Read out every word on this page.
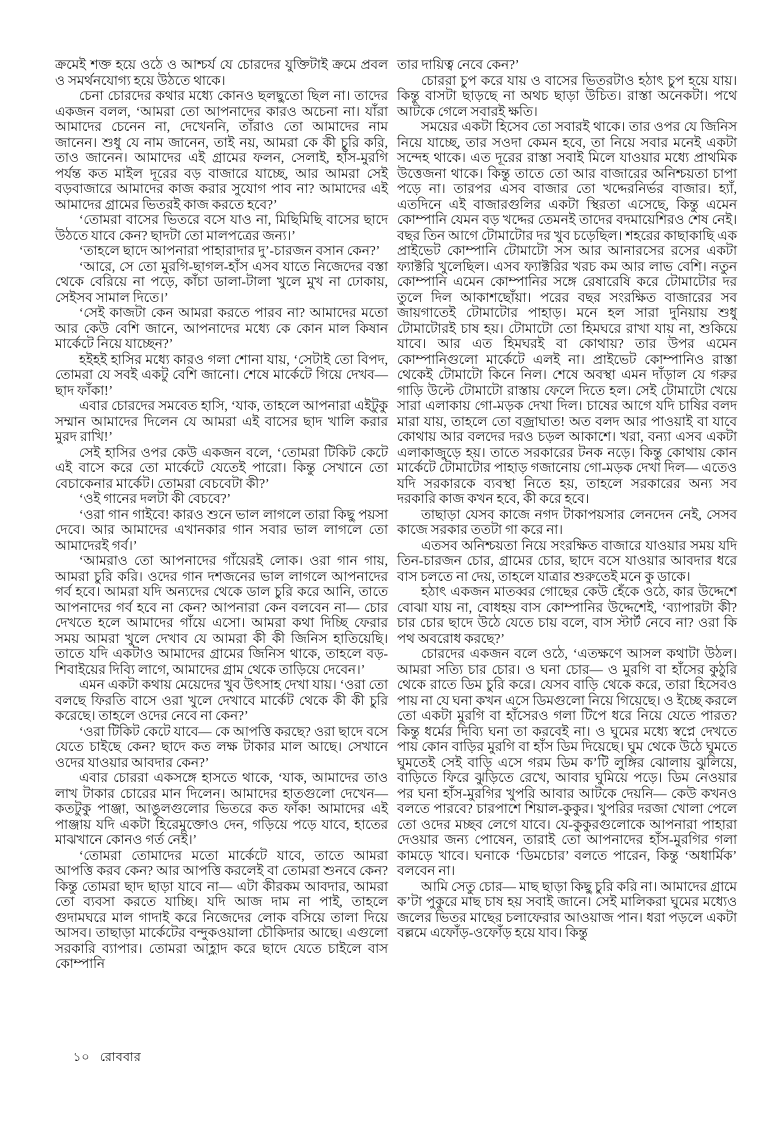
ক্রমেই শক্ত হয়ে ওঠে ও আশ্চর্য যে চোরদের যুক্তিটাই ক্রমে প্রবল ও সমর্থনযোগ্য হয়ে উঠতে থাকে।

চেনা চোরদের কথার মধ্যে কোনও ছলছুতো ছিল না। তাদের একজন বলল, ‘আমরা তো আপনাদের কারও অচেনা না। যাঁরা আমাদের চেনেন না, দেখেননি, তাঁরাও তো আমাদের নাম জানেন। শুধু যে নাম জানেন, তাই নয়, আমরা কে কী চুরি করি, তাও জানেন। আমাদের এই গ্রামের ফলন, সেলাই, হাঁস-মুরগি পর্যন্ত কত মাইল দূরের বড় বাজারে যাচ্ছে, আর আমরা সেই বড়বাজারে আমাদের কাজ করার সুযোগ পাব না? আমাদের এই আমাদের গ্রামের ভিতরই কাজ করতে হবে?’

‘তোমরা বাসের ভিতরে বসে যাও না, মিছিমিছি বাসের ছাদে উঠতে যাবে কেন? ছাদটা তো মালপত্রের জন্য।’

‘তাহলে ছাদে আপনারা পাহারাদার দু’-চারজন বসান কেন?’

‘আরে, সে তো মুরগি-ছাগল-হাঁস এসব যাতে নিজেদের বস্তা থেকে বেরিয়ে না পড়ে, কাঁচা ডালা-টালা খুলে মুখ না ঢোকায়, সেইসব সামাল দিতে।’

‘সেই কাজটা কেন আমরা করতে পারব না? আমাদের মতো আর কেউ বেশি জানে, আপনাদের মধ্যে কে কোন মাল কিষান মার্কেটে নিয়ে যাচ্ছেন?’

হইহই হাসির মধ্যে কারও গলা শোনা যায়, ‘সেটাই তো বিপদ, তোমরা যে সবই একটু বেশি জানো। শেষে মার্কেটে গিয়ে দেখব— ছাদ ফাঁকা!’

এবার চোরদের সমবেত হাসি, ‘যাক, তাহলে আপনারা এইটুকু সম্মান আমাদের দিলেন যে আমরা এই বাসের ছাদ খালি করার মুরদ রাখি!’

সেই হাসির ওপর কেউ একজন বলে, ‘তোমরা টিকিট কেটে এই বাসে করে তো মার্কেটে যেতেই পারো। কিন্তু সেখানে তো বেচাকেনার মার্কেট। তোমরা বেচবেটা কী?’

‘ওই গানের দলটা কী বেচবে?’

‘ওরা গান গাইবে! কারও শুনে ভাল লাগলে তারা কিছু পয়সা দেবে। আর আমাদের এখানকার গান সবার ভাল লাগলে তো আমাদেরই গর্ব।’

‘আমরাও তো আপনাদের গাঁয়েরই লোক। ওরা গান গায়, আমরা চুরি করি। ওদের গান দশজনের ভাল লাগলে আপনাদের গর্ব হবে। আমরা যদি অন্যদের থেকে ডাল চুরি করে আনি, তাতে আপনাদের গর্ব হবে না কেন? আপনারা কেন বলবেন না— চোর দেখতে হলে আমাদের গাঁয়ে এসো। আমরা কথা দিচ্ছি ফেরার সময় আমরা খুলে দেখাব যে আমরা কী কী জিনিস হাতিয়েছি। তাতে যদি একটাও আমাদের গ্রামের জিনিস থাকে, তাহলে বড়-শিবাইয়ের দিব্যি লাগে, আমাদের গ্রাম থেকে তাড়িয়ে দেবেন।’

এমন একটা কথায় মেয়েদের খুব উৎসাহ দেখা যায়। ‘ওরা তো বলছে ফিরতি বাসে ওরা খুলে দেখাবে মার্কেট থেকে কী কী চুরি করেছে। তাহলে ওদের নেবে না কেন?’

‘ওরা টিকিট কেটে যাবে— কে আপত্তি করছে? ওরা ছাদে বসে যেতে চাইছে কেন? ছাদে কত লক্ষ টাকার মাল আছে। সেখানে ওদের যাওয়ার আবদার কেন?’

এবার চোররা একসঙ্গে হাসতে থাকে, ‘যাক, আমাদের তাও লাখ টাকার চোরের মান দিলেন। আমাদের হাতগুলো দেখেন— কতটুকু পাঞ্জা, আঙুলগুলোর ভিতরে কত ফাঁক! আমাদের এই পাঞ্জায় যদি একটা হিরেমুক্তোও দেন, গড়িয়ে পড়ে যাবে, হাতের মাঝখানে কোনও গর্ত নেই।’

‘তোমরা তোমাদের মতো মার্কেটে যাবে, তাতে আমরা আপত্তি করব কেন? আর আপত্তি করলেই বা তোমরা শুনবে কেন? কিন্তু তোমরা ছাদ ছাড়া যাবে না— এটা কীরকম আবদার, আমরা তো ব্যবসা করতে যাচ্ছি। যদি আজ দাম না পাই, তাহলে গুদামঘরে মাল গাদাই করে নিজেদের লোক বসিয়ে তালা দিয়ে আসব। তাছাড়া মার্কেটের বন্দুকওয়ালা চৌকিদার আছে। এগুলো সরকারি ব্যাপার। তোমরা আহ্লাদ করে ছাদে যেতে চাইলে বাস কোম্পানি

তার দায়িত্ব নেবে কেন?’

চোররা চুপ করে যায় ও বাসের ভিতরটাও হঠাৎ চুপ হয়ে যায়। কিন্তু বাসটা ছাড়ছে না অথচ ছাড়া উচিত। রাস্তা অনেকটা। পথে আটকে গেলে সবারই ক্ষতি।

সময়ের একটা হিসেব তো সবারই থাকে। তার ওপর যে জিনিস নিয়ে যাচ্ছে, তার সওদা কেমন হবে, তা নিয়ে সবার মনেই একটা সন্দেহ থাকে। এত দূরের রাস্তা সবাই মিলে যাওয়ার মধ্যে প্রাথমিক উত্তেজনা থাকে। কিন্তু তাতে তো আর বাজারের অনিশ্চয়তা চাপা পড়ে না। তারপর এসব বাজার তো খদ্দেরনির্ভর বাজার। হ্যাঁ, এতদিনে এই বাজারগুলির একটা স্থিরতা এসেছে, কিন্তু এমেন কোম্পানি যেমন বড় খদ্দের তেমনই তাদের বদমায়েশিরও শেষ নেই। বছর তিন আগে টোমাটোর দর খুব চড়েছিল। শহরের কাছাকাছি এক প্রাইভেট কোম্পানি টোমাটো সস আর আনারসের রসের একটা ফ্যাক্টরি খুলেছিল। এসব ফ্যাক্টরির খরচ কম আর লাভ বেশি। নতুন কোম্পানি এমেন কোম্পানির সঙ্গে রেষারেষি করে টোমাটোর দর তুলে দিল আকাশছোঁয়া। পরের বছর সংরক্ষিত বাজারের সব জায়গাতেই টোমাটোর পাহাড়। মনে হল সারা দুনিয়ায় শুধু টোমাটোরই চাষ হয়। টোমাটো তো হিমঘরে রাখা যায় না, শুকিয়ে যাবে। আর এত হিমঘরই বা কোথায়? তার উপর এমেন কোম্পানিগুলো মার্কেটে এলই না। প্রাইভেট কোম্পানিও রাস্তা থেকেই টোমাটো কিনে নিল। শেষে অবস্থা এমন দাঁড়াল যে গরুর গাড়ি উল্টে টোমাটো রাস্তায় ফেলে দিতে হল। সেই টোমাটো খেয়ে সারা এলাকায় গো-মড়ক দেখা দিল। চাষের আগে যদি চাষির বলদ মারা যায়, তাহলে তো বজ্রাঘাত! অত বলদ আর পাওয়াই বা যাবে কোথায় আর বলদের দরও চড়ল আকাশে। খরা, বন্যা এসব একটা এলাকাজুড়ে হয়। তাতে সরকারের টনক নড়ে। কিন্তু কোথায় কোন মার্কেটে টোমাটোর পাহাড় গজানোয় গো-মড়ক দেখা দিল— এতেও যদি সরকারকে ব্যবস্থা নিতে হয়, তাহলে সরকারের অন্য সব দরকারি কাজ কখন হবে, কী করে হবে।

তাছাড়া যেসব কাজে নগদ টাকাপয়সার লেনদেন নেই, সেসব কাজে সরকার ততটা গা করে না।

এতসব অনিশ্চয়তা নিয়ে সংরক্ষিত বাজারে যাওয়ার সময় যদি তিন-চারজন চোর, গ্রামের চোর, ছাদে বসে যাওয়ার আবদার ধরে বাস চলতে না দেয়, তাহলে যাত্রার শুরুতেই মনে কু ডাকে।

হঠাৎ একজন মাতব্বর গোছের কেউ হেঁকে ওঠে, কার উদ্দেশে বোঝা যায় না, বোধহয় বাস কোম্পানির উদ্দেশেই, ‘ব্যাপারটা কী? চার চোর ছাদে উঠে যেতে চায় বলে, বাস স্টার্ট নেবে না? ওরা কি পথ অবরোধ করছে?’

চোরদের একজন বলে ওঠে, ‘এতক্ষণে আসল কথাটা উঠল। আমরা সত্যি চার চোর। ও ঘনা চোর— ও মুরগি বা হাঁসের কুঠুরি থেকে রাতে ডিম চুরি করে। যেসব বাড়ি থেকে করে, তারা হিসেবও পায় না যে ঘনা কখন এসে ডিমগুলো নিয়ে গিয়েছে। ও ইচ্ছে করলে তো একটা মুরগি বা হাঁসেরও গলা টিপে ধরে নিয়ে যেতে পারত? কিন্তু ধর্মের দিব্যি ঘনা তা করবেই না। ও ঘুমের মধ্যে স্বপ্নে দেখতে পায় কোন বাড়ির মুরগি বা হাঁস ডিম দিয়েছে। ঘুম থেকে উঠে ঘুমতে ঘুমতেই সেই বাড়ি এসে গরম ডিম ক’টি লুঙ্গির ঝোলায় ঝুলিয়ে, বাড়িতে ফিরে ঝুড়িতে রেখে, আবার ঘুমিয়ে পড়ে। ডিম নেওয়ার পর ঘনা হাঁস-মুরগির খুপরি আবার আটকে দেয়নি— কেউ কখনও বলতে পারবে? চারপাশে শিয়াল-কুকুর। খুপরির দরজা খোলা পেলে তো ওদের মচ্ছব লেগে যাবে। যে-কুকুরগুলোকে আপনারা পাহারা দেওয়ার জন্য পোষেন, তারাই তো আপনাদের হাঁস-মুরগির গলা কামড়ে খাবে। ঘনাকে ‘ডিমচোর’ বলতে পারেন, কিন্তু ‘অধার্মিক’ বলবেন না।

আমি সেতু চোর— মাছ ছাড়া কিছু চুরি করি না। আমাদের গ্রামে ক’টা পুকুরে মাছ চাষ হয় সবাই জানে। সেই মালিকরা ঘুমের মধ্যেও জলের ভিতর মাছের চলাফেরার আওয়াজ পান। ধরা পড়লে একটা বল্লমে এফোঁড়-ওফোঁড় হয়ে যাব। কিন্তু

১০ রোববার
